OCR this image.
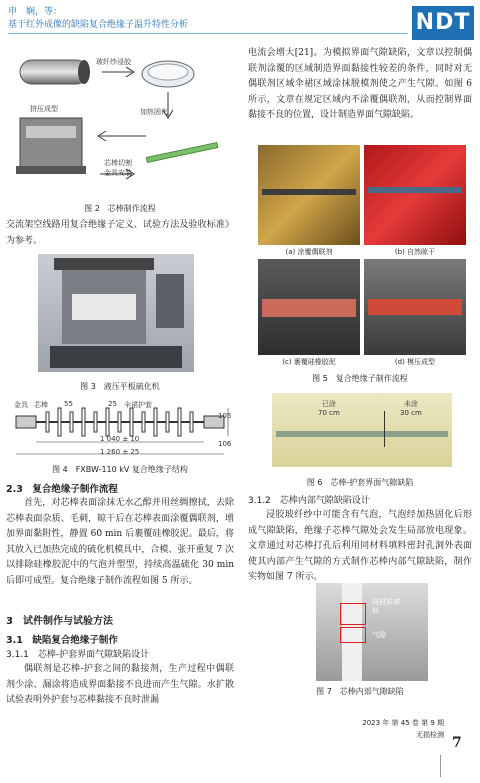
申　娴，等：
基于红外成像的缺陷复合绝缘子温升特性分析	NDT
玻纤纱浸胶
挤压成型	加热固化
芯棒切割
金具安装
图 2　芯棒制作流程
交流架空线路用复合绝缘子定义、试验方法及验收标准》为参考。
图 3　液压平板硫化机
金具 芯棒 55	25 伞裙护套
1 040 ± 10
1 260 ± 25
105
106
图 4　FXBW-110 kV 复合绝缘子结构
2.3　复合绝缘子制作流程
首先，对芯棒表面涂抹无水乙醇并用丝绸擦拭，去除芯棒表面杂质、毛刺，晾干后在芯棒表面涂覆偶联剂，增加界面黏附性，静置 60 min 后裹覆硅橡胶泥。最后，将其放入已加热完成的硫化机模具中，合模、张开重复 7 次以排除硅橡胶泥中的气泡并塑型，持续高温硫化 30 min 后即可成型。复合绝缘子制作流程如图 5 所示。
3　试件制作与试验方法
3.1　缺陷复合绝缘子制作
3.1.1　芯棒-护套界面气隙缺陷设计
偶联剂是芯棒-护套之间的黏接剂，生产过程中偶联剂少涂、漏涂将造成界面黏接不良进而产生气隙。水扩散试验表明外护套与芯棒黏接不良时泄漏
电流会增大[21]。为模拟界面气隙缺陷，文章以控制偶联剂涂覆的区域制造界面黏接性较差的条件，同时对无偶联剂区域伞裙区域涂抹脱模剂使之产生气隙。如图 6 所示，文章在规定区域内不涂覆偶联剂，从而控制界面黏接不良的位置，设计制造界面气隙缺陷。
(a) 涂覆偶联剂	(b) 自然晾干
(c) 裹覆硅橡胶泥	(d) 模压成型
图 5　复合绝缘子制作流程
已涂
70 cm
未涂
30 cm
图 6　芯棒-护套界面气隙缺陷
3.1.2　芯棒内部气隙缺陷设计
浸胶玻纤纱中可能含有气泡，气泡经加热固化后形成气隙缺陷，绝缘子芯棒气隙处会发生局部放电现象。文章通过对芯棒打孔后利用同材料填料密封孔洞外表面使其内部产生气隙的方式制作芯棒内部气隙缺陷，制作实物如图 7 所示。
同材质填料
气隙
图 7　芯棒内部气隙缺陷
2023 年 第 45 卷 第 9 期
无损检测 7
